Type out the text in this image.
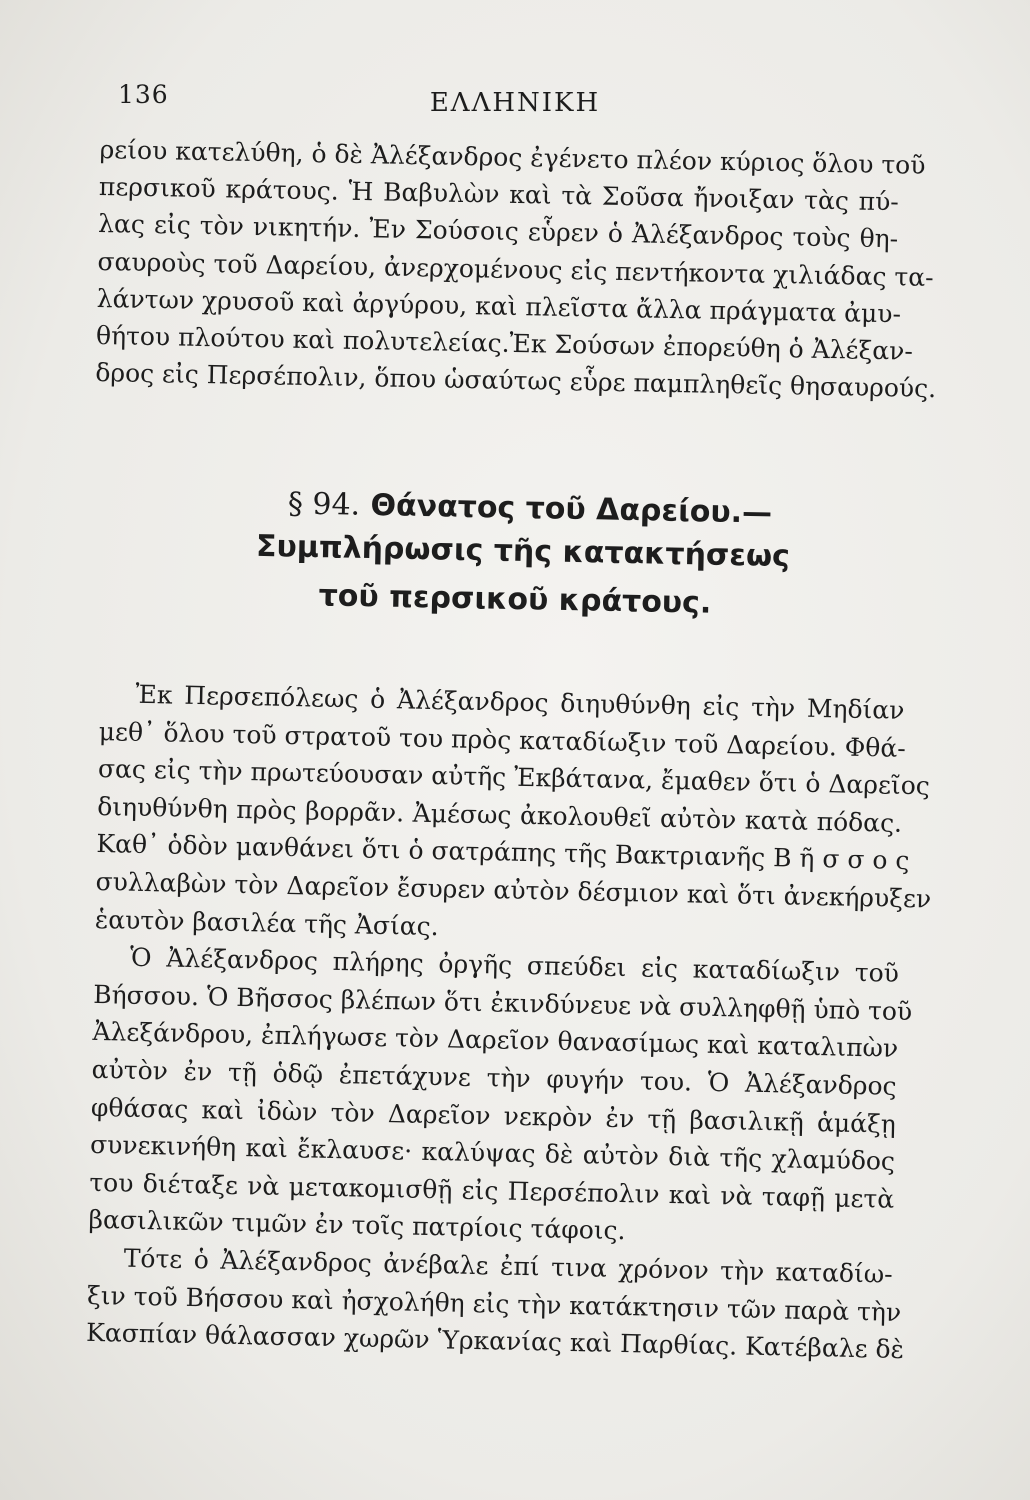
136	ΕΛΛΗΝΙΚΗ
ρείου κατελύθη, ὁ δὲ Ἀλέξανδρος ἐγένετο πλέον κύριος ὅλου τοῦ
περσικοῦ κράτους. Ἡ Βαβυλὼν καὶ τὰ Σοῦσα ἤνοιξαν τὰς πύ-
λας εἰς τὸν νικητήν. Ἐν Σούσοις εὗρεν ὁ Ἀλέξανδρος τοὺς θη-
σαυροὺς τοῦ Δαρείου, ἀνερχομένους εἰς πεντήκοντα χιλιάδας τα-
λάντων χρυσοῦ καὶ ἀργύρου, καὶ πλεῖστα ἄλλα πράγματα ἀμυ-
θήτου πλούτου καὶ πολυτελείας.Ἐκ Σούσων ἐπορεύθη ὁ Ἀλέξαν-
δρος εἰς Περσέπολιν, ὅπου ὡσαύτως εὗρε παμπληθεῖς θησαυρούς.
§ 94. Θάνατος τοῦ Δαρείου.—
Συμπλήρωσις τῆς κατακτήσεως
τοῦ περσικοῦ κράτους.
Ἐκ Περσεπόλεως ὁ Ἀλέξανδρος διηυθύνθη εἰς τὴν Μηδίαν
μεθ᾽ ὅλου τοῦ στρατοῦ του πρὸς καταδίωξιν τοῦ Δαρείου. Φθά-
σας εἰς τὴν πρωτεύουσαν αὐτῆς Ἐκβάτανα, ἔμαθεν ὅτι ὁ Δαρεῖος
διηυθύνθη πρὸς βορρᾶν. Ἀμέσως ἀκολουθεῖ αὐτὸν κατὰ πόδας.
Καθ᾽ ὁδὸν μανθάνει ὅτι ὁ σατράπης τῆς Βακτριανῆς Β ῆ σ σ ο ς
συλλαβὼν τὸν Δαρεῖον ἔσυρεν αὐτὸν δέσμιον καὶ ὅτι ἀνεκήρυξεν
ἑαυτὸν βασιλέα τῆς Ἀσίας.
Ὁ Ἀλέξανδρος πλήρης ὀργῆς σπεύδει εἰς καταδίωξιν τοῦ
Βήσσου. Ὁ Βῆσσος βλέπων ὅτι ἐκινδύνευε νὰ συλληφθῇ ὑπὸ τοῦ
Ἀλεξάνδρου, ἐπλήγωσε τὸν Δαρεῖον θανασίμως καὶ καταλιπὼν
αὐτὸν ἐν τῇ ὁδῷ ἐπετάχυνε τὴν φυγήν του. Ὁ Ἀλέξανδρος
φθάσας καὶ ἰδὼν τὸν Δαρεῖον νεκρὸν ἐν τῇ βασιλικῇ ἁμάξῃ
συνεκινήθη καὶ ἔκλαυσε· καλύψας δὲ αὐτὸν διὰ τῆς χλαμύδος
του διέταξε νὰ μετακομισθῇ εἰς Περσέπολιν καὶ νὰ ταφῇ μετὰ
βασιλικῶν τιμῶν ἐν τοῖς πατρίοις τάφοις.
Τότε ὁ Ἀλέξανδρος ἀνέβαλε ἐπί τινα χρόνον τὴν καταδίω-
ξιν τοῦ Βήσσου καὶ ἠσχολήθη εἰς τὴν κατάκτησιν τῶν παρὰ τὴν
Κασπίαν θάλασσαν χωρῶν Ὑρκανίας καὶ Παρθίας. Κατέβαλε δὲ
